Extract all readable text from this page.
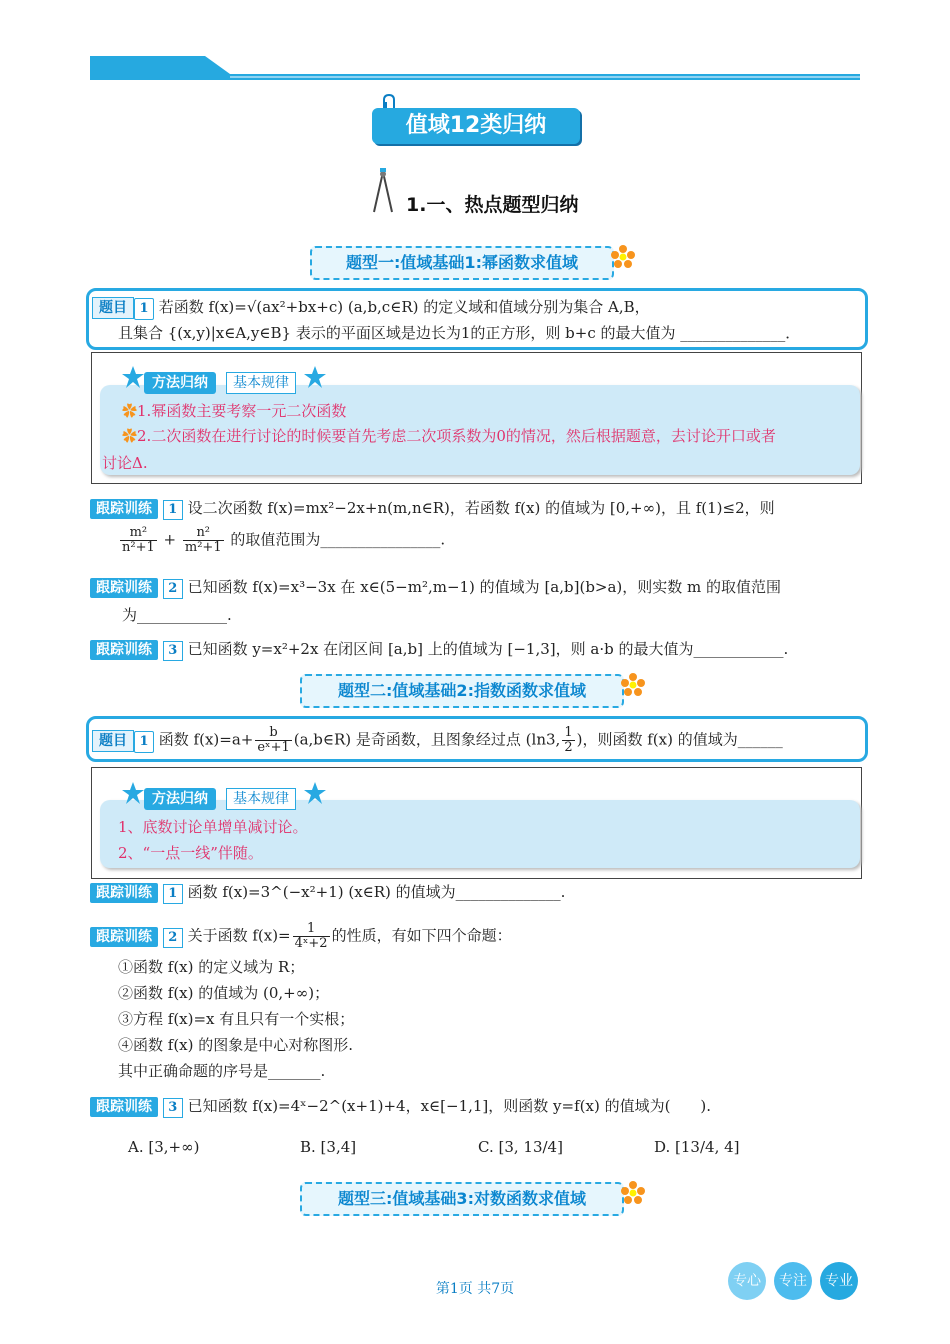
值域12类归纳
1.一、热点题型归纳
题型一:值域基础1:幂函数求值域
题目 1 若函数 f(x)=√(ax²+bx+c) (a,b,c∈R) 的定义域和值域分别为集合 A,B，
且集合 {(x,y)|x∈A,y∈B} 表示的平面区域是边长为1的正方形，则 b+c 的最大值为 ______________．
方法归纳	基本规律
✿1.幂函数主要考察一元二次函数
✿2.二次函数在进行讨论的时候要首先考虑二次项系数为0的情况，然后根据题意，去讨论开口或者
讨论Δ.
跟踪训练 1 设二次函数 f(x)=mx²−2x+n(m,n∈R)，若函数 f(x) 的值域为 [0,+∞)，且 f(1)≤2，则
$\frac{\text{m²}}{\text{n²+1}} + \frac{\text{n²}}{\text{m²+1}}$ 的取值范围为________________.
跟踪训练 2 已知函数 f(x)=x³−3x 在 x∈(5−m²,m−1) 的值域为 [a,b](b>a)，则实数 m 的取值范围
为____________.
跟踪训练 3 已知函数 y=x²+2x 在闭区间 [a,b] 上的值域为 [−1,3]，则 a·b 的最大值为____________.
题型二:值域基础2:指数函数求值域
题目 1 函数 $f(x)=a+ \frac{b}{\text{eˣ+1}}$ (a,b∈R) 是奇函数，且图象经过点 (ln3, $\frac{1}{2}$ )，则函数 f(x) 的值域为______
方法归纳	基本规律
1、底数讨论单增单减讨论。
2、“一点一线”伴随。
跟踪训练 1 函数 f(x)=3^(−x²+1) (x∈R) 的值域为______________.
跟踪训练 2 关于函数 $f(x)= \frac{1}{\text{4ˣ+2}}$ 的性质，有如下四个命题：
①函数 f(x) 的定义域为 R；
②函数 f(x) 的值域为 (0,+∞)；
③方程 f(x)=x 有且只有一个实根；
④函数 f(x) 的图象是中心对称图形.
其中正确命题的序号是_______.
跟踪训练 3 已知函数 f(x)=4ˣ−2^(x+1)+4，x∈[−1,1]，则函数 y=f(x) 的值域为(　　).
A. [3,+∞)	B. [3,4]	C. [3, 13/4]	D. [13/4, 4]
题型三:值域基础3:对数函数求值域
第1页 共7页	专心	专注	专业
